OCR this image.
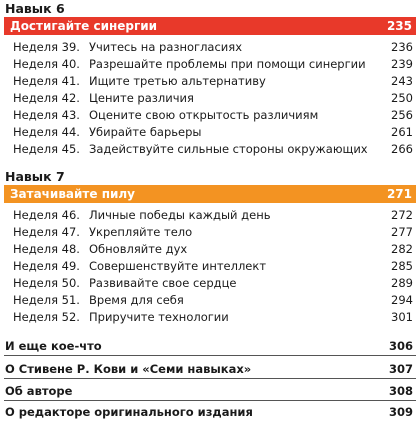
Навык 6
Достигайте синергии	235
Неделя 39. Учитесь на разногласиях	236
Неделя 40. Разрешайте проблемы при помощи синергии 239
Неделя 41. Ищите третью альтернативу	243
Неделя 42. Цените различия	250
Неделя 43. Оцените свою открытость различиям	256
Неделя 44. Убирайте барьеры	261
Неделя 45. Задействуйте сильные стороны окружающих 266
Навык 7
Затачивайте пилу	271
Неделя 46. Личные победы каждый день	272
Неделя 47. Укрепляйте тело	277
Неделя 48. Обновляйте дух	282
Неделя 49. Совершенствуйте интеллект	285
Неделя 50. Развивайте свое сердце	289
Неделя 51. Время для себя	294
Неделя 52. Приручите технологии	301
И еще кое-что	306
О Стивене Р. Кови и «Семи навыках»	307
Об авторе	308
О редакторе оригинального издания	309
